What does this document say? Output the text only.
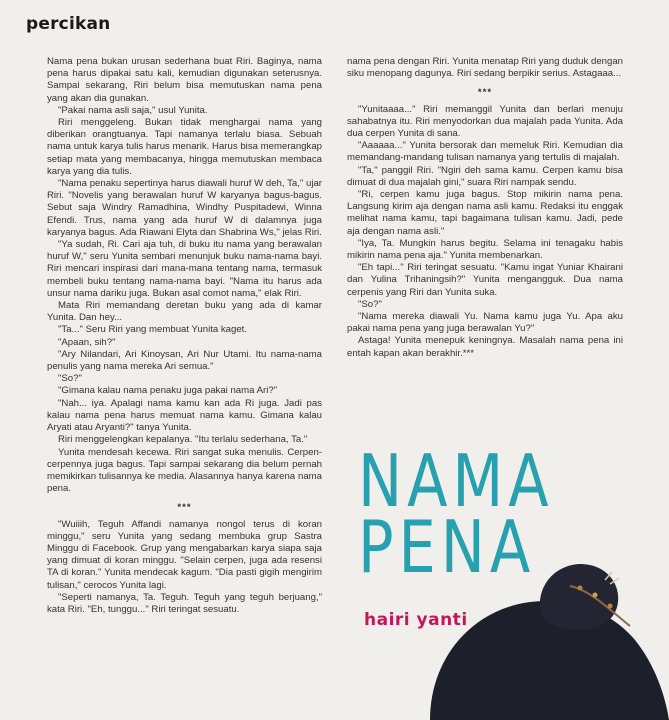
percikan

Nama pena bukan urusan sederhana buat Riri. Baginya, nama pena harus dipakai satu kali, kemudian digunakan seterusnya. Sampai sekarang, Riri belum bisa memutuskan nama pena yang akan dia gunakan.

"Pakai nama asli saja," usul Yunita.

Riri menggeleng. Bukan tidak menghargai nama yang diberikan orangtuanya. Tapi namanya terlalu biasa. Sebuah nama untuk karya tulis harus menarik. Harus bisa memerangkap setiap mata yang membacanya, hingga memutuskan membaca karya yang dia tulis.

"Nama penaku sepertinya harus diawali huruf W deh, Ta," ujar Riri. "Novelis yang berawalan huruf W karyanya bagus-bagus. Sebut saja Windry Ramadhina, Windhy Puspitadewi, Winna Efendi. Trus, nama yang ada huruf W di dalamnya juga karyanya bagus. Ada Riawani Elyta dan Shabrina Ws," jelas Riri.

"Ya sudah, Ri. Cari aja tuh, di buku itu nama yang berawalan huruf W," seru Yunita sembari menunjuk buku nama-nama bayi. Riri mencari inspirasi dari mana-mana tentang nama, termasuk membeli buku tentang nama-nama bayi. "Nama itu harus ada unsur nama dariku juga. Bukan asal comot nama," elak Riri.

Mata Riri memandang deretan buku yang ada di kamar Yunita. Dan hey...

"Ta..." Seru Riri yang membuat Yunita kaget.

"Apaan, sih?"

"Ary Nilandari, Ari Kinoysan, Ari Nur Utami. Itu nama-nama penulis yang nama mereka Ari semua."

"So?"

"Gimana kalau nama penaku juga pakai nama Ari?"

"Nah... iya. Apalagi nama kamu kan ada Ri juga. Jadi pas kalau nama pena harus memuat nama kamu. Gimana kalau Aryati atau Aryanti?" tanya Yunita.

Riri menggelengkan kepalanya. "Itu terlalu sederhana, Ta."

Yunita mendesah kecewa. Riri sangat suka menulis. Cerpen-cerpennya juga bagus. Tapi sampai sekarang dia belum pernah memikirkan tulisannya ke media. Alasannya hanya karena nama pena.

***

"Wuiiih, Teguh Affandi namanya nongol terus di koran minggu," seru Yunita yang sedang membuka grup Sastra Minggu di Facebook. Grup yang mengabarkan karya siapa saja yang dimuat di koran minggu. "Selain cerpen, juga ada resensi TA di koran." Yunita mendecak kagum. "Dia pasti gigih mengirim tulisan," cerocos Yunita lagi.

"Seperti namanya, Ta. Teguh. Teguh yang teguh berjuang," kata Riri. "Eh, tunggu..." Riri teringat sesuatu.

nama pena dengan Riri. Yunita menatap Riri yang duduk dengan siku menopang dagunya. Riri sedang berpikir serius. Astagaaa...

***

"Yunitaaaa..." Riri memanggil Yunita dan berlari menuju sahabatnya itu. Riri menyodorkan dua majalah pada Yunita. Ada dua cerpen Yunita di sana.

"Aaaaaa..." Yunita bersorak dan memeluk Riri. Kemudian dia memandang-mandang tulisan namanya yang tertulis di majalah.

"Ta," panggil Riri. "Ngiri deh sama kamu. Cerpen kamu bisa dimuat di dua majalah gini," suara Riri nampak sendu.

"Ri, cerpen kamu juga bagus. Stop mikirin nama pena. Langsung kirim aja dengan nama asli kamu. Redaksi itu enggak melihat nama kamu, tapi bagaimana tulisan kamu. Jadi, pede aja dengan nama asli."

"Iya, Ta. Mungkin harus begitu. Selama ini tenagaku habis mikirin nama pena aja." Yunita membenarkan.

"Eh tapi..." Riri teringat sesuatu. "Kamu ingat Yuniar Khairani dan Yulina Trihaningsih?" Yunita mengangguk. Dua nama cerpenis yang Riri dan Yunita suka.

"So?"

"Nama mereka diawali Yu. Nama kamu juga Yu. Apa aku pakai nama pena yang juga berawalan Yu?"

Astaga! Yunita menepuk keningnya. Masalah nama pena ini entah kapan akan berakhir.***

NAMA
PENA
hairi yanti
